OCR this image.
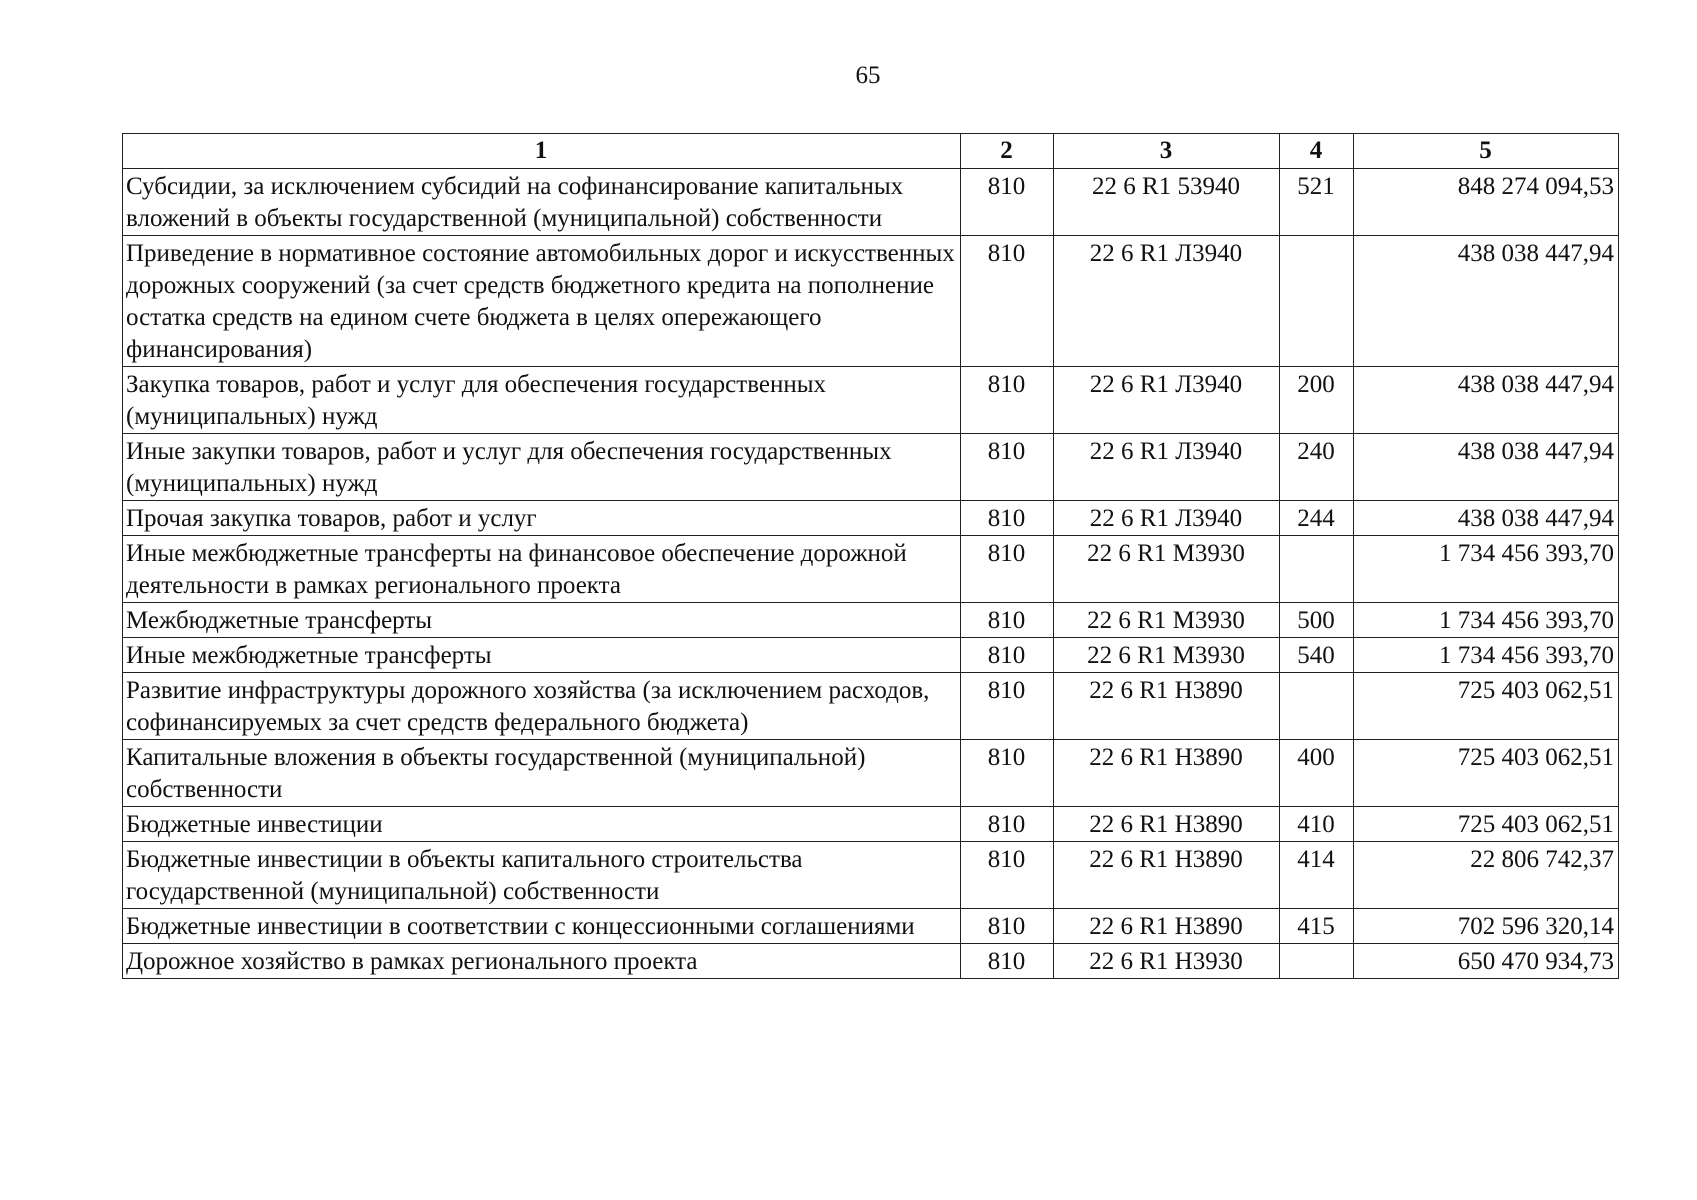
65
1	2	3	4	5
Субсидии, за исключением субсидий на софинансирование капитальных вложений в объекты государственной (муниципальной) собственности	810	22 6 R1 53940	521	848 274 094,53
Приведение в нормативное состояние автомобильных дорог и искусственных дорожных сооружений (за счет средств бюджетного кредита на пополнение остатка средств на едином счете бюджета в целях опережающего финансирования)	810	22 6 R1 Л3940		438 038 447,94
Закупка товаров, работ и услуг для обеспечения государственных (муниципальных) нужд	810	22 6 R1 Л3940	200	438 038 447,94
Иные закупки товаров, работ и услуг для обеспечения государственных (муниципальных) нужд	810	22 6 R1 Л3940	240	438 038 447,94
Прочая закупка товаров, работ и услуг	810	22 6 R1 Л3940	244	438 038 447,94
Иные межбюджетные трансферты на финансовое обеспечение дорожной деятельности в рамках регионального проекта	810	22 6 R1 М3930		1 734 456 393,70
Межбюджетные трансферты	810	22 6 R1 М3930	500	1 734 456 393,70
Иные межбюджетные трансферты	810	22 6 R1 М3930	540	1 734 456 393,70
Развитие инфраструктуры дорожного хозяйства (за исключением расходов, софинансируемых за счет средств федерального бюджета)	810	22 6 R1 Н3890		725 403 062,51
Капитальные вложения в объекты государственной (муниципальной) собственности	810	22 6 R1 Н3890	400	725 403 062,51
Бюджетные инвестиции	810	22 6 R1 Н3890	410	725 403 062,51
Бюджетные инвестиции в объекты капитального строительства государственной (муниципальной) собственности	810	22 6 R1 Н3890	414	22 806 742,37
Бюджетные инвестиции в соответствии с концессионными соглашениями	810	22 6 R1 Н3890	415	702 596 320,14
Дорожное хозяйство в рамках регионального проекта	810	22 6 R1 Н3930		650 470 934,73
